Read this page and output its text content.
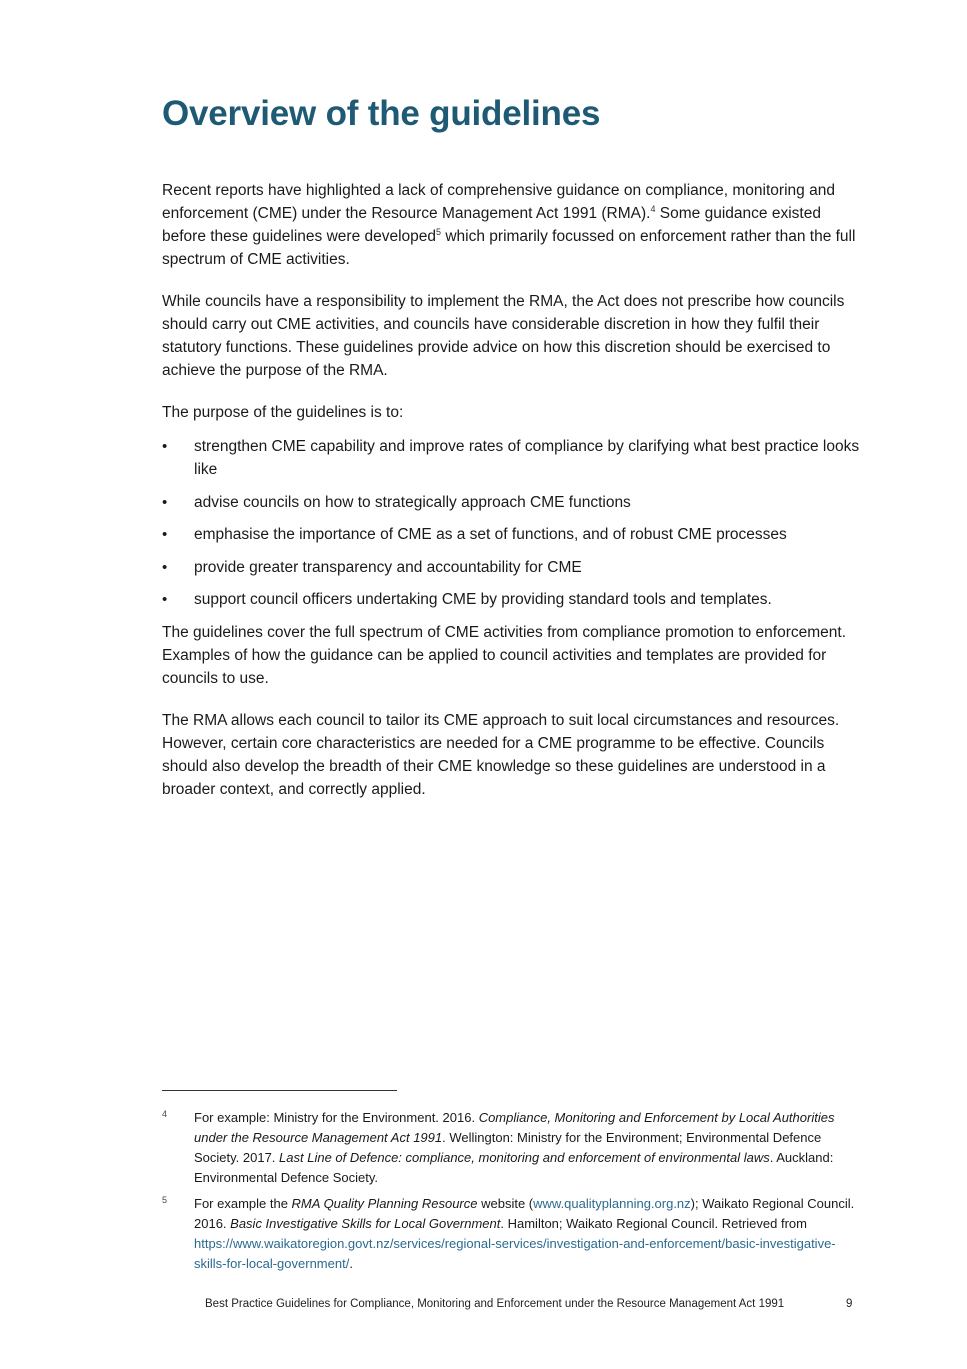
Overview of the guidelines

Recent reports have highlighted a lack of comprehensive guidance on compliance, monitoring and enforcement (CME) under the Resource Management Act 1991 (RMA).$^4$ Some guidance existed before these guidelines were developed$^5$ which primarily focussed on enforcement rather than the full spectrum of CME activities.

While councils have a responsibility to implement the RMA, the Act does not prescribe how councils should carry out CME activities, and councils have considerable discretion in how they fulfil their statutory functions. These guidelines provide advice on how this discretion should be exercised to achieve the purpose of the RMA.

The purpose of the guidelines is to:

• strengthen CME capability and improve rates of compliance by clarifying what best practice looks like
• advise councils on how to strategically approach CME functions
• emphasise the importance of CME as a set of functions, and of robust CME processes
• provide greater transparency and accountability for CME
• support council officers undertaking CME by providing standard tools and templates.

The guidelines cover the full spectrum of CME activities from compliance promotion to enforcement. Examples of how the guidance can be applied to council activities and templates are provided for councils to use.

The RMA allows each council to tailor its CME approach to suit local circumstances and resources. However, certain core characteristics are needed for a CME programme to be effective. Councils should also develop the breadth of their CME knowledge so these guidelines are understood in a broader context, and correctly applied.

4 For example: Ministry for the Environment. 2016. Compliance, Monitoring and Enforcement by Local Authorities under the Resource Management Act 1991. Wellington: Ministry for the Environment; Environmental Defence Society. 2017. Last Line of Defence: compliance, monitoring and enforcement of environmental laws. Auckland: Environmental Defence Society.
5 For example the RMA Quality Planning Resource website (www.qualityplanning.org.nz); Waikato Regional Council. 2016. Basic Investigative Skills for Local Government. Hamilton; Waikato Regional Council. Retrieved from https://www.waikatoregion.govt.nz/services/regional-services/investigation-and-enforcement/basic-investigative-skills-for-local-government/.
Best Practice Guidelines for Compliance, Monitoring and Enforcement under the Resource Management Act 1991	9
